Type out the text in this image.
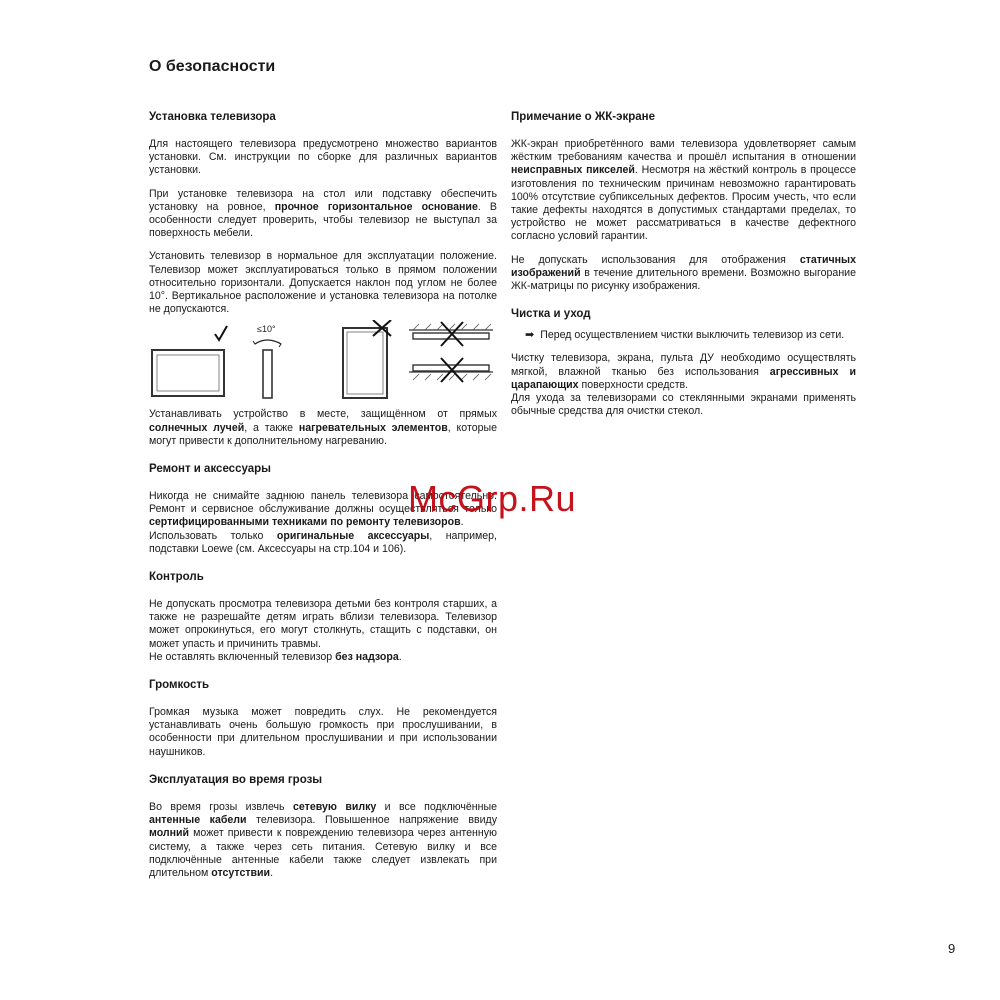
О безопасности
Установка телевизора

Для настоящего телевизора предусмотрено множество вариантов установки. См. инструкции по сборке для различных вариантов установки.

При установке телевизора на стол или подставку обеспечить установку на ровное, прочное горизонтальное основание. В особенности следует проверить, чтобы телевизор не выступал за поверхность мебели.

Установить телевизор в нормальное для эксплуатации положение. Телевизор может эксплуатироваться только в прямом положении относительно горизонтали. Допускается наклон под углом не более 10°. Вертикальное расположение и установка телевизора на потолке не допускаются.

≤10°

Устанавливать устройство в месте, защищённом от прямых солнечных лучей, а также нагревательных элементов, которые могут привести к дополнительному нагреванию.

Ремонт и аксессуары

Никогда не снимайте заднюю панель телевизора самостоятельно. Ремонт и сервисное обслуживание должны осуществляться только сертифицированными техниками по ремонту телевизоров.

Использовать только оригинальные аксессуары, например, подставки Loewe (см. Аксессуары на стр.104 и 106).

Контроль

Не допускать просмотра телевизора детьми без контроля старших, а также не разрешайте детям играть вблизи телевизора. Телевизор может опрокинуться, его могут столкнуть, стащить с подставки, он может упасть и причинить травмы.

Не оставлять включенный телевизор без надзора.

Громкость

Громкая музыка может повредить слух. Не рекомендуется устанавливать очень большую громкость при прослушивании, в особенности при длительном прослушивании и при использовании наушников.

Эксплуатация во время грозы

Во время грозы извлечь сетевую вилку и все подключённые антенные кабели телевизора. Повышенное напряжение ввиду молний может привести к повреждению телевизора через антенную систему, а также через сеть питания. Сетевую вилку и все подключённые антенные кабели также следует извлекать при длительном отсутствии.

Примечание о ЖК-экране

ЖК-экран приобретённого вами телевизора удовлетворяет самым жёстким требованиям качества и прошёл испытания в отношении неисправных пикселей. Несмотря на жёсткий контроль в процессе изготовления по техническим причинам невозможно гарантировать 100% отсутствие субпиксельных дефектов. Просим учесть, что если такие дефекты находятся в допустимых стандартами пределах, то устройство не может рассматриваться в качестве дефектного согласно условий гарантии.

Не допускать использования для отображения статичных изображений в течение длительного времени. Возможно выгорание ЖК-матрицы по рисунку изображения.

Чистка и уход
➡ Перед осуществлением чистки выключить телевизор из сети.

Чистку телевизора, экрана, пульта ДУ необходимо осуществлять мягкой, влажной тканью без использования агрессивных и царапающих поверхности средств.

Для ухода за телевизорами со стеклянными экранами применять обычные средства для очистки стекол.

McGrp.Ru
9
